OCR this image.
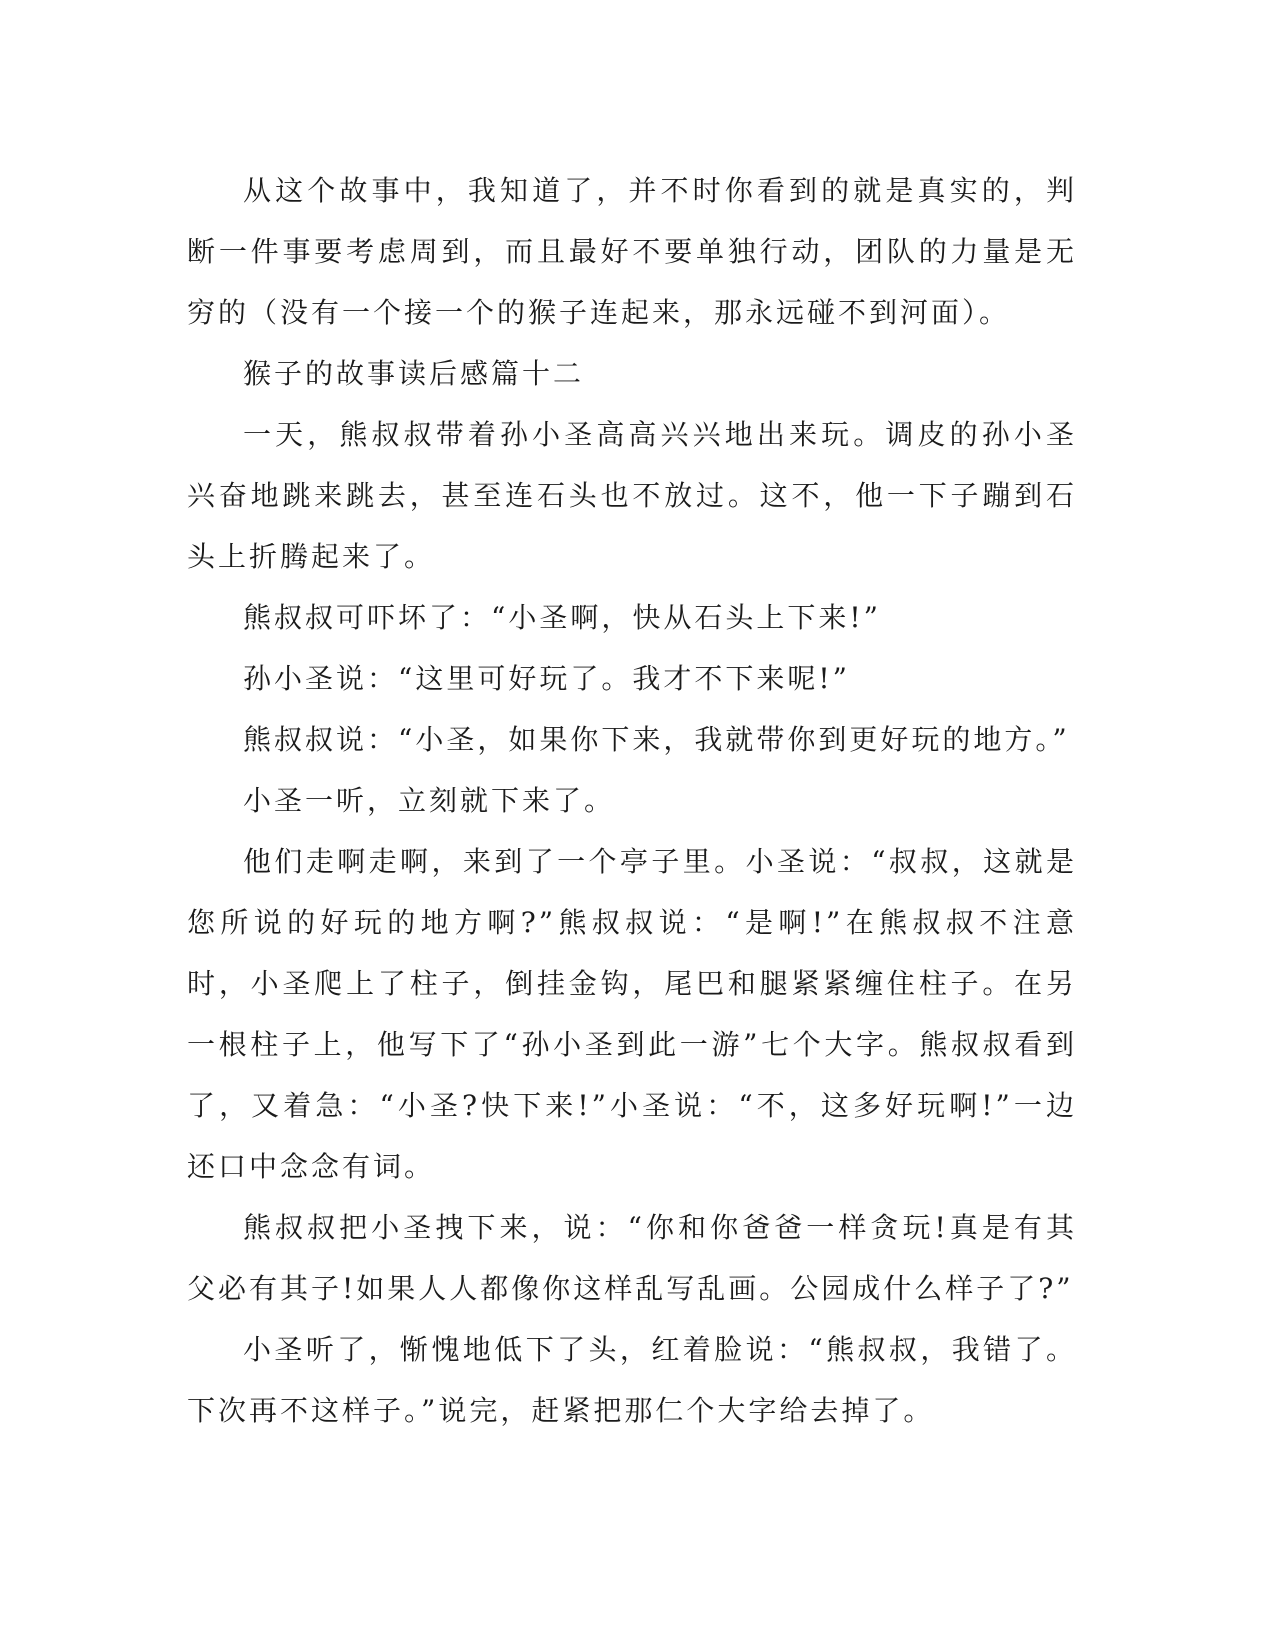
从这个故事中，我知道了，并不时你看到的就是真实的，判断一件事要考虑周到，而且最好不要单独行动，团队的力量是无穷的（没有一个接一个的猴子连起来，那永远碰不到河面）。

猴子的故事读后感篇十二

一天，熊叔叔带着孙小圣高高兴兴地出来玩。调皮的孙小圣兴奋地跳来跳去，甚至连石头也不放过。这不，他一下子蹦到石头上折腾起来了。

熊叔叔可吓坏了：“小圣啊，快从石头上下来!”

孙小圣说：“这里可好玩了。我才不下来呢!”

熊叔叔说：“小圣，如果你下来，我就带你到更好玩的地方。”

小圣一听，立刻就下来了。

他们走啊走啊，来到了一个亭子里。小圣说：“叔叔，这就是您所说的好玩的地方啊?”熊叔叔说：“是啊!”在熊叔叔不注意时，小圣爬上了柱子，倒挂金钩，尾巴和腿紧紧缠住柱子。在另一根柱子上，他写下了“孙小圣到此一游”七个大字。熊叔叔看到了，又着急：“小圣?快下来!”小圣说：“不，这多好玩啊!”一边还口中念念有词。

熊叔叔把小圣拽下来，说：“你和你爸爸一样贪玩!真是有其父必有其子!如果人人都像你这样乱写乱画。公园成什么样子了?”

小圣听了，惭愧地低下了头，红着脸说：“熊叔叔，我错了。下次再不这样子。”说完，赶紧把那仁个大字给去掉了。
